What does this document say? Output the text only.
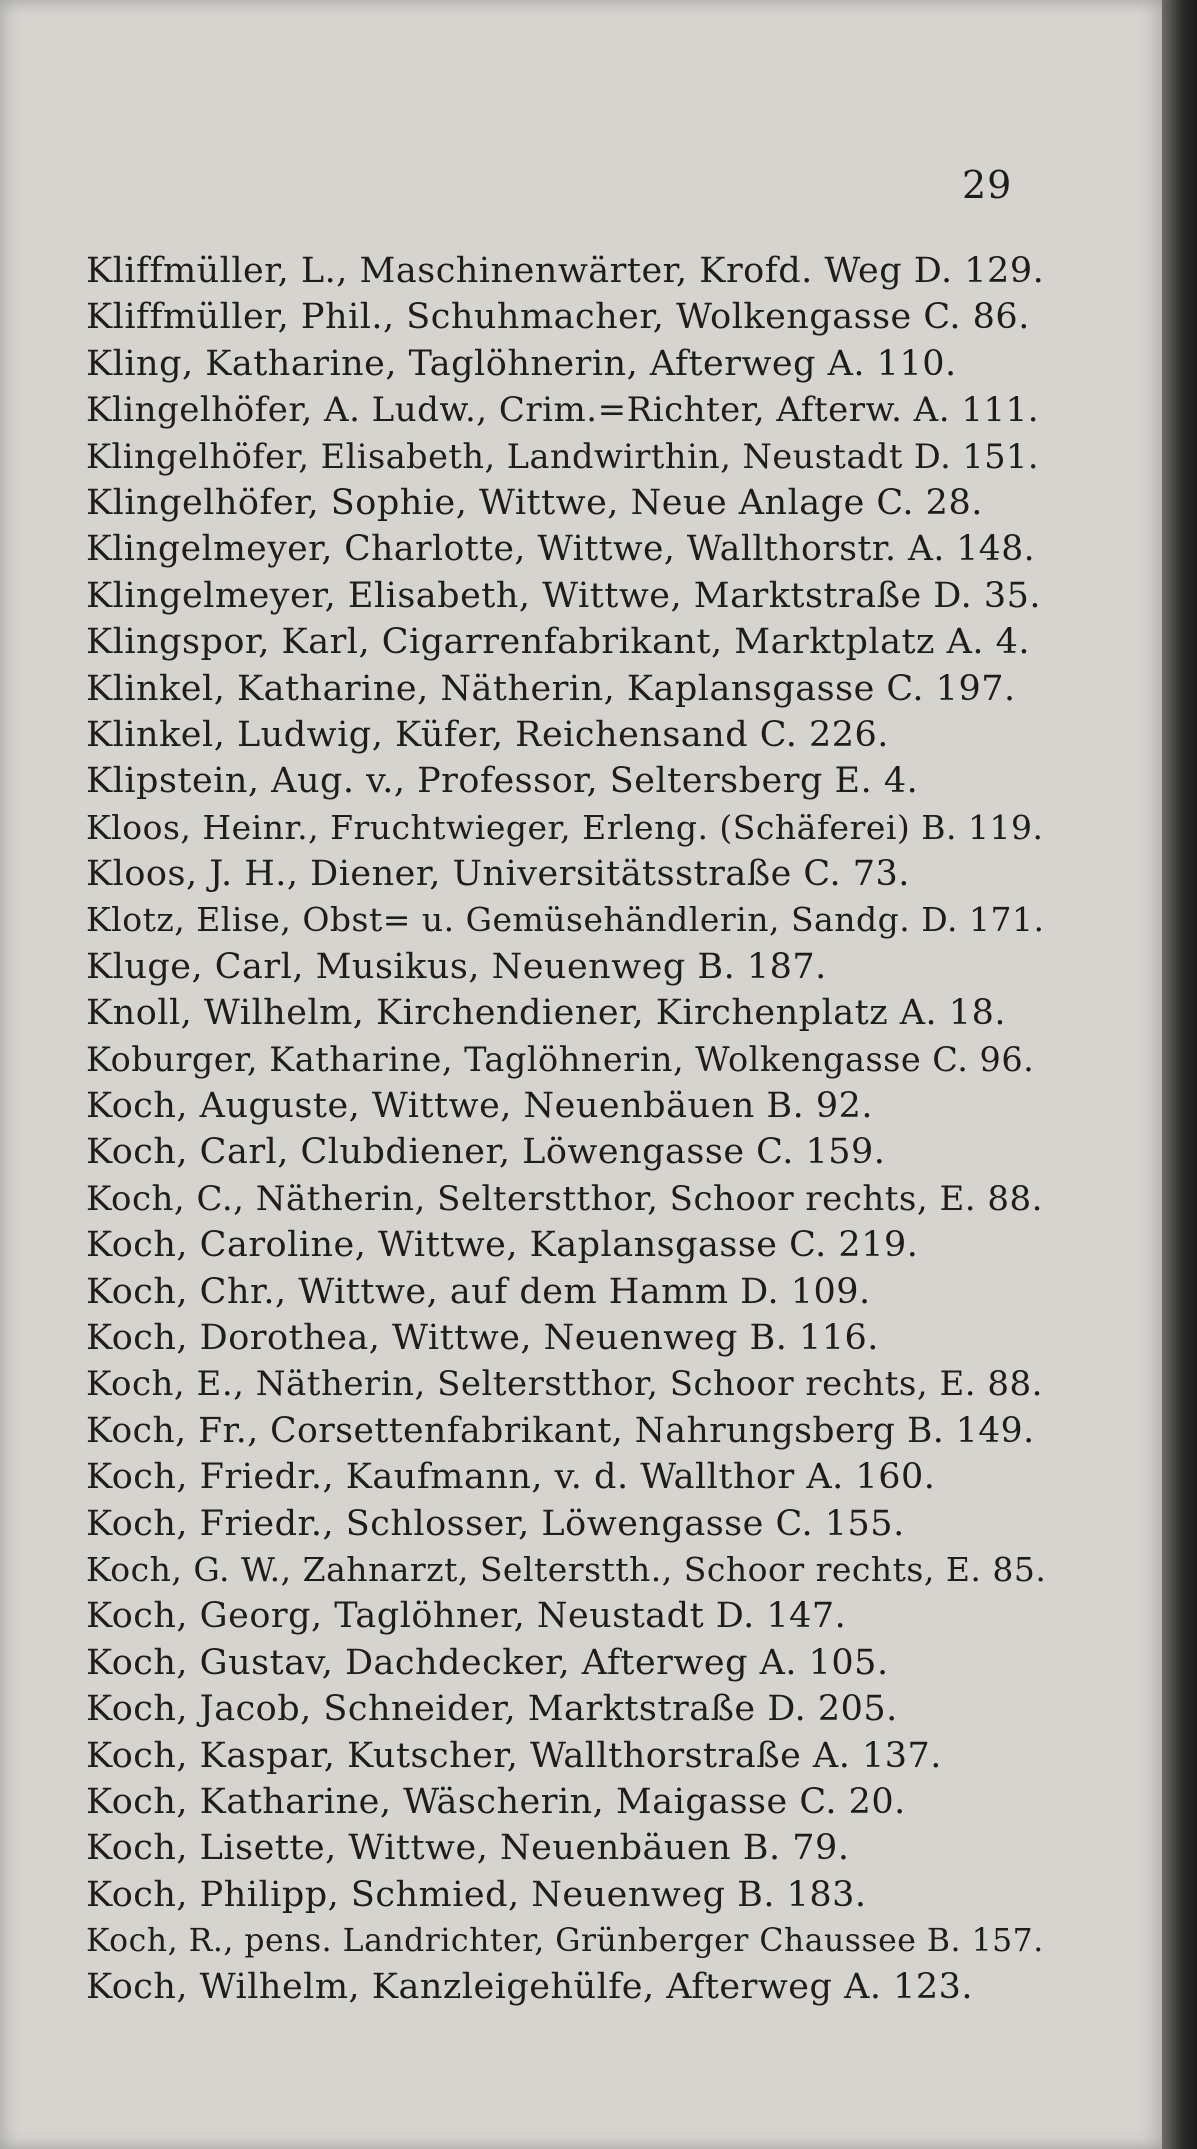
29
Kliffmüller, L., Maschinenwärter, Krofd. Weg D. 129.
Kliffmüller, Phil., Schuhmacher, Wolkengasse C. 86.
Kling, Katharine, Taglöhnerin, Afterweg A. 110.
Klingelhöfer, A. Ludw., Crim.=Richter, Afterw. A. 111.
Klingelhöfer, Elisabeth, Landwirthin, Neustadt D. 151.
Klingelhöfer, Sophie, Wittwe, Neue Anlage C. 28.
Klingelmeyer, Charlotte, Wittwe, Wallthorstr. A. 148.
Klingelmeyer, Elisabeth, Wittwe, Marktstraße D. 35.
Klingspor, Karl, Cigarrenfabrikant, Marktplatz A. 4.
Klinkel, Katharine, Nätherin, Kaplansgasse C. 197.
Klinkel, Ludwig, Küfer, Reichensand C. 226.
Klipstein, Aug. v., Professor, Seltersberg E. 4.
Kloos, Heinr., Fruchtwieger, Erleng. (Schäferei) B. 119.
Kloos, J. H., Diener, Universitätsstraße C. 73.
Klotz, Elise, Obst= u. Gemüsehändlerin, Sandg. D. 171.
Kluge, Carl, Musikus, Neuenweg B. 187.
Knoll, Wilhelm, Kirchendiener, Kirchenplatz A. 18.
Koburger, Katharine, Taglöhnerin, Wolkengasse C. 96.
Koch, Auguste, Wittwe, Neuenbäuen B. 92.
Koch, Carl, Clubdiener, Löwengasse C. 159.
Koch, C., Nätherin, Selterstthor, Schoor rechts, E. 88.
Koch, Caroline, Wittwe, Kaplansgasse C. 219.
Koch, Chr., Wittwe, auf dem Hamm D. 109.
Koch, Dorothea, Wittwe, Neuenweg B. 116.
Koch, E., Nätherin, Selterstthor, Schoor rechts, E. 88.
Koch, Fr., Corsettenfabrikant, Nahrungsberg B. 149.
Koch, Friedr., Kaufmann, v. d. Wallthor A. 160.
Koch, Friedr., Schlosser, Löwengasse C. 155.
Koch, G. W., Zahnarzt, Selterstth., Schoor rechts, E. 85.
Koch, Georg, Taglöhner, Neustadt D. 147.
Koch, Gustav, Dachdecker, Afterweg A. 105.
Koch, Jacob, Schneider, Marktstraße D. 205.
Koch, Kaspar, Kutscher, Wallthorstraße A. 137.
Koch, Katharine, Wäscherin, Maigasse C. 20.
Koch, Lisette, Wittwe, Neuenbäuen B. 79.
Koch, Philipp, Schmied, Neuenweg B. 183.
Koch, R., pens. Landrichter, Grünberger Chaussee B. 157.
Koch, Wilhelm, Kanzleigehülfe, Afterweg A. 123.
